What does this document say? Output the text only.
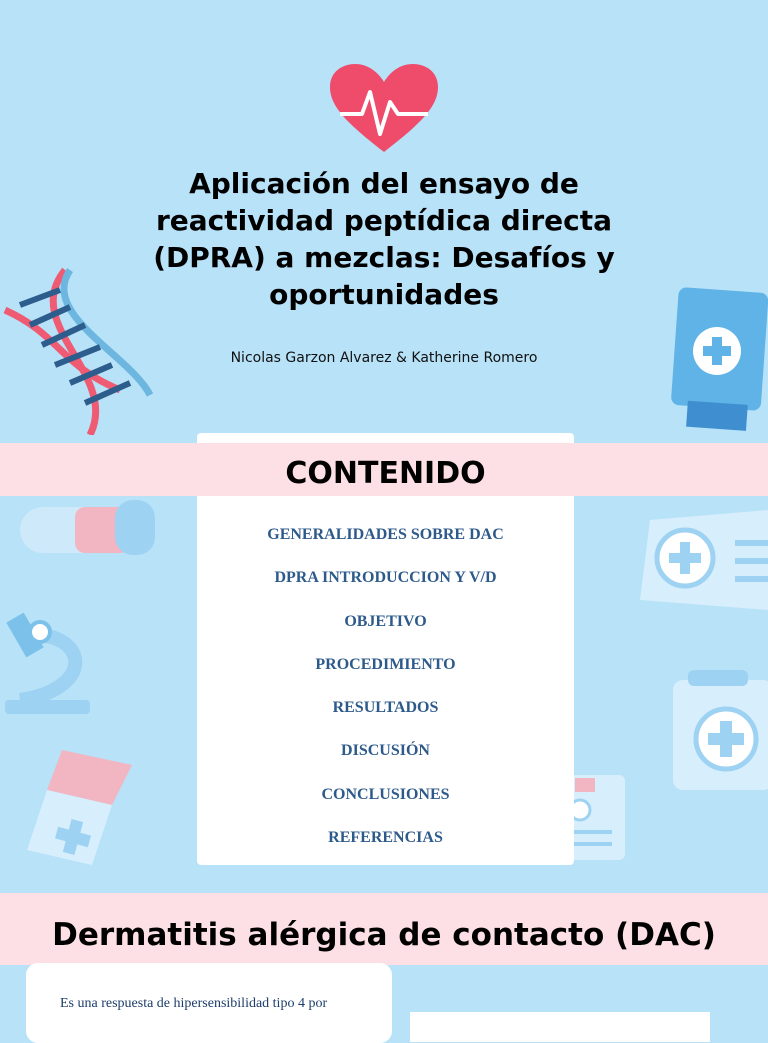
Aplicación del ensayo de reactividad peptídica directa (DPRA) a mezclas: Desafíos y oportunidades
Nicolas Garzon Alvarez & Katherine Romero
CONTENIDO
GENERALIDADES SOBRE DAC
DPRA INTRODUCCION Y V/D
OBJETIVO
PROCEDIMIENTO
RESULTADOS
DISCUSIÓN
CONCLUSIONES
REFERENCIAS
Dermatitis alérgica de contacto (DAC)

Es una respuesta de hipersensibilidad tipo 4 por
